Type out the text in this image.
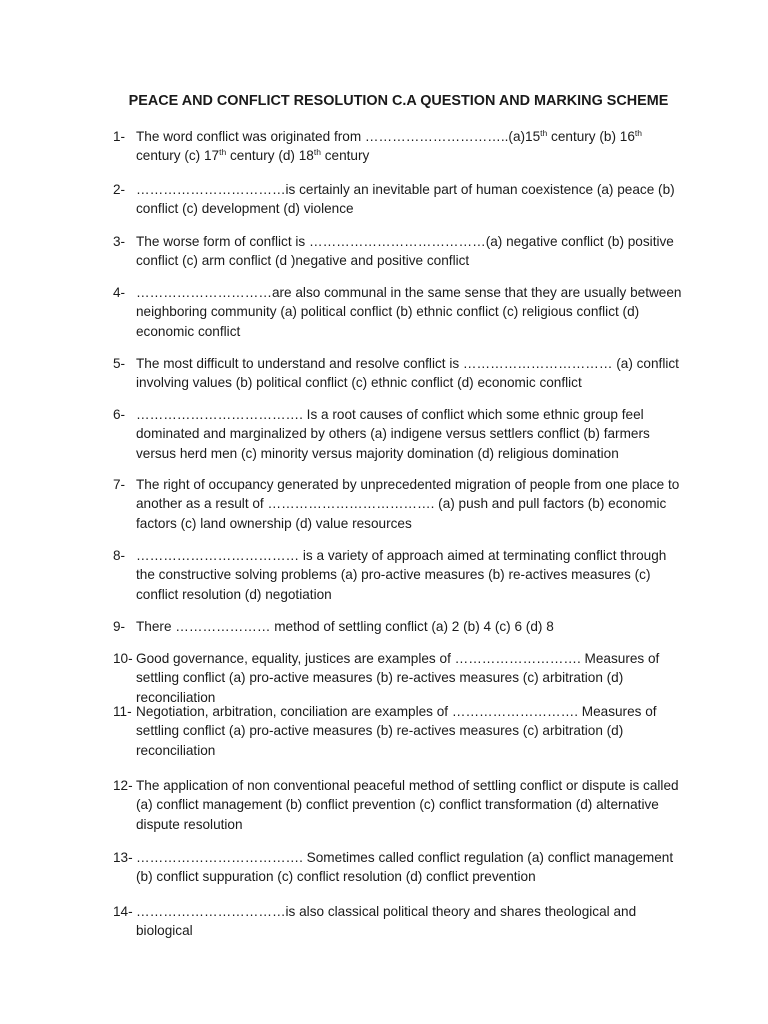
PEACE AND CONFLICT RESOLUTION C.A QUESTION AND MARKING SCHEME
1- The word conflict was originated from …………………………..(a)15th century (b) 16th century (c) 17th century (d) 18th century
2- ……………………………is certainly an inevitable part of human coexistence (a) peace (b) conflict (c) development (d) violence
3- The worse form of conflict is …………………………………(a) negative conflict (b) positive conflict (c) arm conflict (d )negative and positive conflict
4- …………………………are also communal in the same sense that they are usually between neighboring community (a) political conflict (b) ethnic conflict (c) religious conflict (d) economic conflict
5- The most difficult to understand and resolve conflict is …………………………… (a) conflict involving values (b) political conflict (c) ethnic conflict (d) economic conflict
6- ………………………………. Is a root causes of conflict which some ethnic group feel dominated and marginalized by others (a) indigene versus settlers conflict (b) farmers versus herd men (c) minority versus majority domination (d) religious domination
7- The right of occupancy generated by unprecedented migration of people from one place to another as a result of ………………………………. (a) push and pull factors (b) economic factors (c) land ownership (d) value resources
8- ……………………………… is a variety of approach aimed at terminating conflict through the constructive solving problems (a) pro-active measures (b) re-actives measures (c) conflict resolution (d) negotiation
9- There ………………… method of settling conflict (a) 2 (b) 4 (c) 6 (d) 8
10- Good governance, equality, justices are examples of ………………………. Measures of settling conflict (a) pro-active measures (b) re-actives measures (c) arbitration (d) reconciliation
11- Negotiation, arbitration, conciliation are examples of ………………………. Measures of settling conflict (a) pro-active measures (b) re-actives measures (c) arbitration (d) reconciliation
12- The application of non conventional peaceful method of settling conflict or dispute is called (a) conflict management (b) conflict prevention (c) conflict transformation (d) alternative dispute resolution
13- ………………………………. Sometimes called conflict regulation (a) conflict management (b) conflict suppuration (c) conflict resolution (d) conflict prevention
14- ……………………………is also classical political theory and shares theological and biological
